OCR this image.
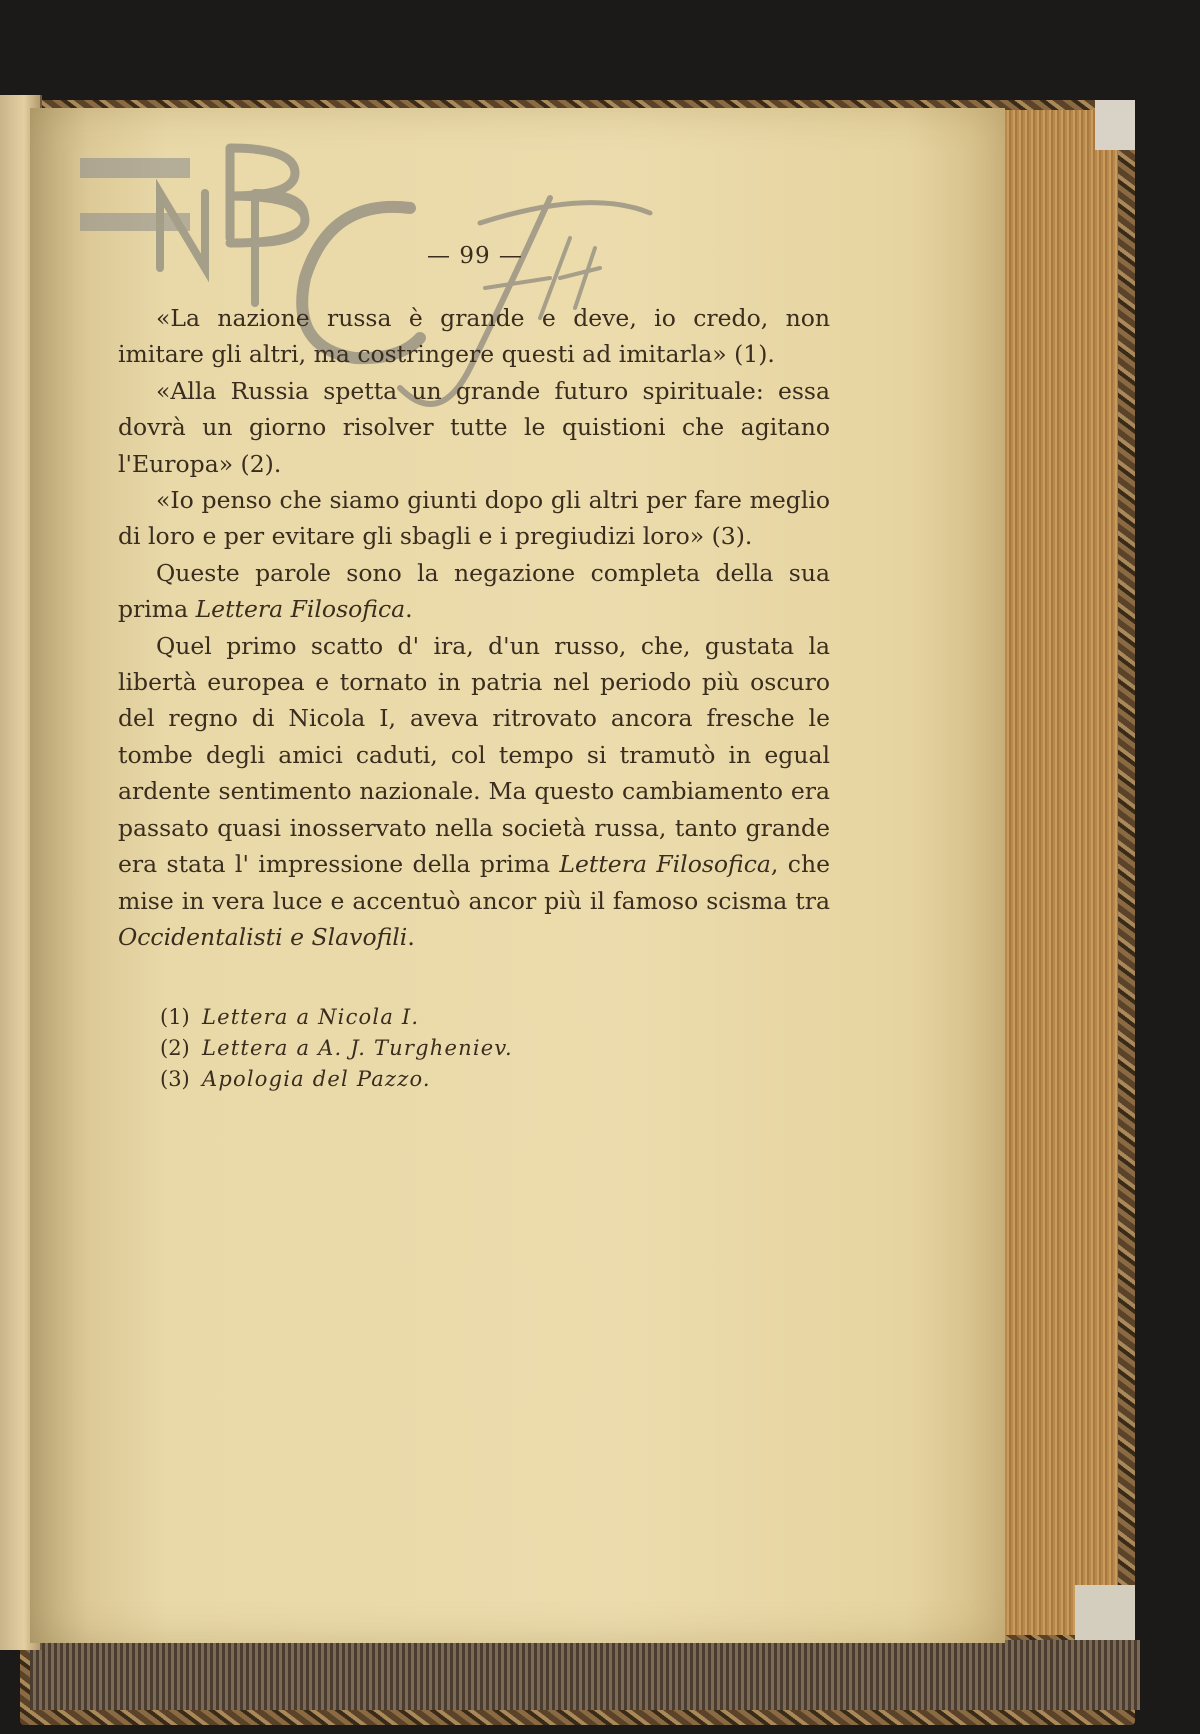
— 99 —

«La nazione russa è grande e deve, io credo, non imitare gli altri, ma costringere questi ad imitarla» (1).

«Alla Russia spetta un grande futuro spirituale: essa dovrà un giorno risolver tutte le quistioni che agitano l'Europa» (2).

«Io penso che siamo giunti dopo gli altri per fare meglio di loro e per evitare gli sbagli e i pregiudizi loro» (3).

Queste parole sono la negazione completa della sua prima Lettera Filosofica.

Quel primo scatto d' ira, d'un russo, che, gustata la libertà europea e tornato in patria nel periodo più oscuro del regno di Nicola I, aveva ritrovato ancora fresche le tombe degli amici caduti, col tempo si tramutò in egual ardente sentimento nazionale. Ma questo cambiamento era passato quasi inosservato nella società russa, tanto grande era stata l' impressione della prima Lettera Filosofica, che mise in vera luce e accentuò ancor più il famoso scisma tra Occidentalisti e Slavofili.

(1) Lettera a Nicola I.
(2) Lettera a A. J. Turgheniev.
(3) Apologia del Pazzo.
